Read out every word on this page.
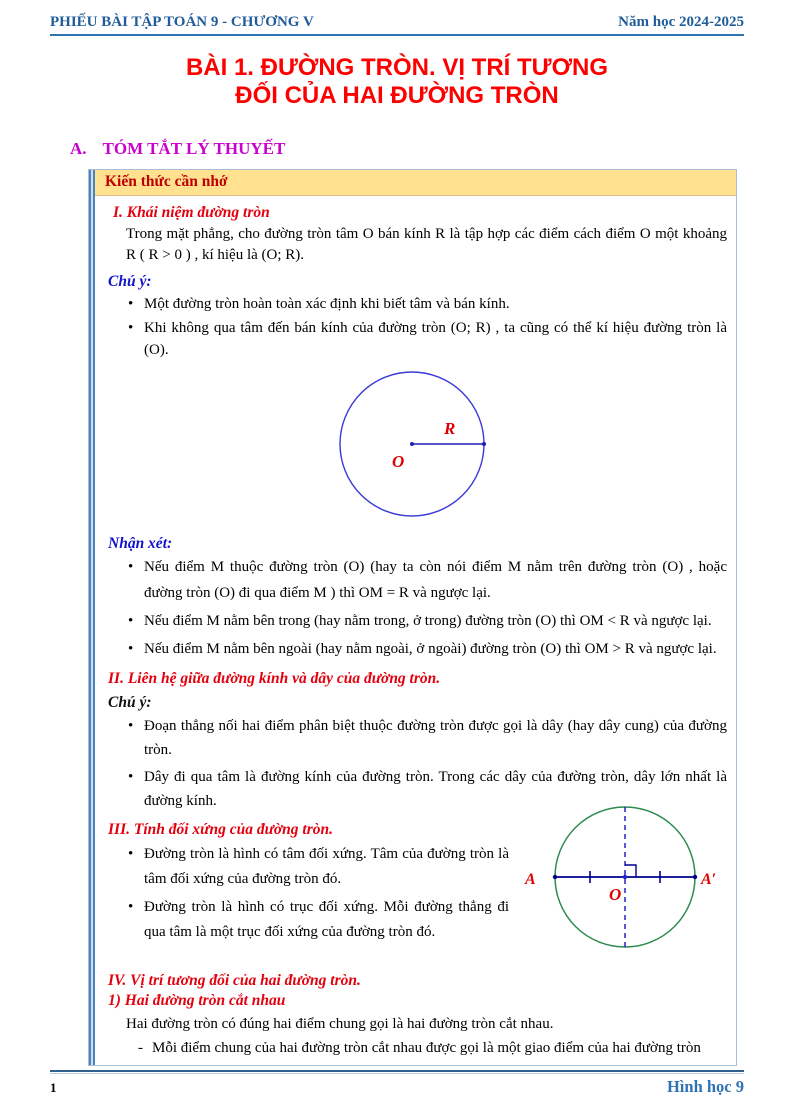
PHIẾU BÀI TẬP TOÁN 9 - CHƯƠNG V	Năm học 2024-2025
BÀI 1. ĐƯỜNG TRÒN. VỊ TRÍ TƯƠNG
ĐỐI CỦA HAI ĐƯỜNG TRÒN
A. TÓM TẮT LÝ THUYẾT
Kiến thức cần nhớ
I. Khái niệm đường tròn
Trong mặt phẳng, cho đường tròn tâm O bán kính R là tập hợp các điểm cách điểm O một khoảng R ( R > 0 ) , kí hiệu là (O; R).
Chú ý:
• Một đường tròn hoàn toàn xác định khi biết tâm và bán kính.
• Khi không qua tâm đến bán kính của đường tròn (O; R) , ta cũng có thể kí hiệu đường tròn là (O).
O
R
Nhận xét:
• Nếu điểm M thuộc đường tròn (O) (hay ta còn nói điểm M nằm trên đường tròn (O) , hoặc đường tròn (O) đi qua điểm M ) thì OM = R và ngược lại.
• Nếu điểm M nằm bên trong (hay nằm trong, ở trong) đường tròn (O) thì OM < R và ngược lại.
• Nếu điểm M nằm bên ngoài (hay nằm ngoài, ở ngoài) đường tròn (O) thì OM > R và ngược lại.
II. Liên hệ giữa đường kính và dây của đường tròn.
Chú ý:
• Đoạn thẳng nối hai điểm phân biệt thuộc đường tròn được gọi là dây (hay dây cung) của đường tròn.
• Dây đi qua tâm là đường kính của đường tròn. Trong các dây của đường tròn, dây lớn nhất là đường kính.
III. Tính đối xứng của đường tròn.
• Đường tròn là hình có tâm đối xứng. Tâm của đường tròn là tâm đối xứng của đường tròn đó.
• Đường tròn là hình có trục đối xứng. Mỗi đường thẳng đi qua tâm là một trục đối xứng của đường tròn đó.
A	A′
O
IV. Vị trí tương đối của hai đường tròn.
1) Hai đường tròn cắt nhau
Hai đường tròn có đúng hai điểm chung gọi là hai đường tròn cắt nhau.
- Mỗi điểm chung của hai đường tròn cắt nhau được gọi là một giao điểm của hai đường tròn
1	Hình học 9
